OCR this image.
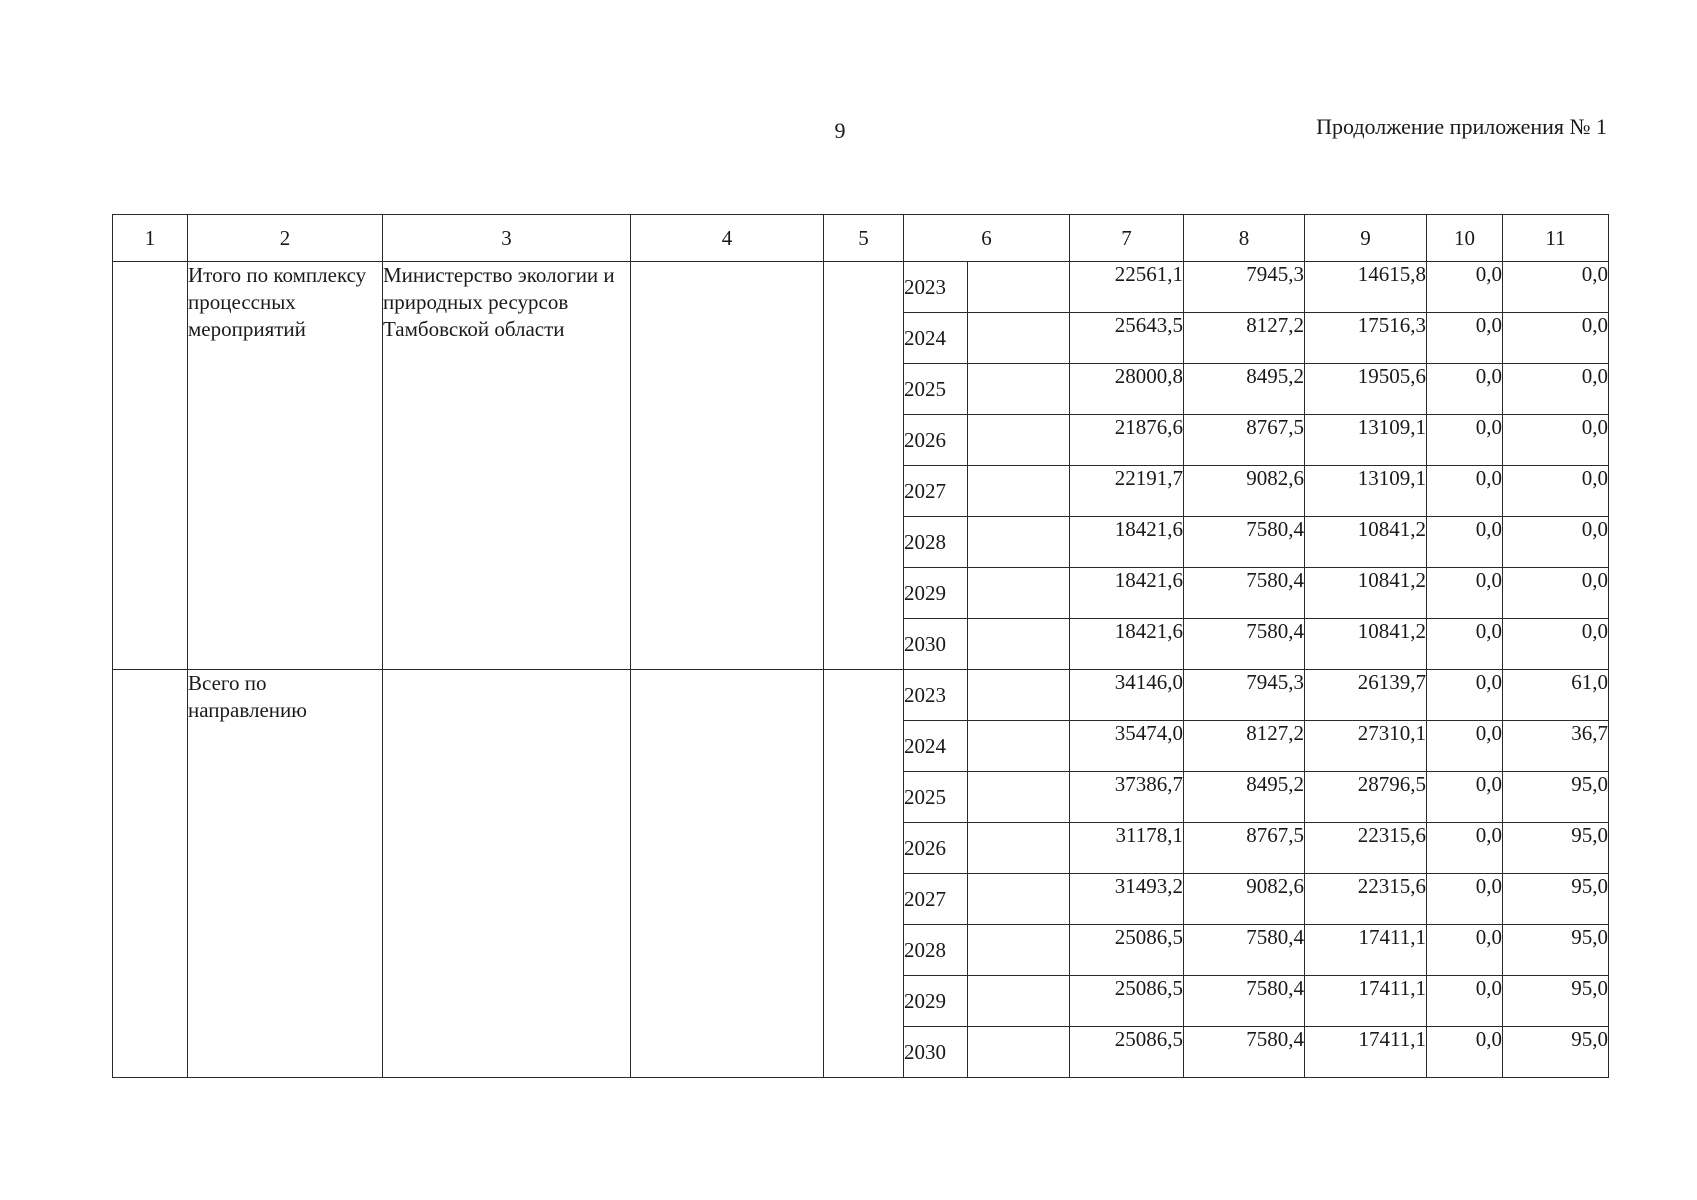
9	Продолжение приложения № 1
1	2	3	4	5	6		7	8	9	10	11
	Итого по комплексу процессных мероприятий	Министерство экологии и природных ресурсов Тамбовской области			2023		22561,1	7945,3	14615,8	0,0	0,0
					2024		25643,5	8127,2	17516,3	0,0	0,0
					2025		28000,8	8495,2	19505,6	0,0	0,0
					2026		21876,6	8767,5	13109,1	0,0	0,0
					2027		22191,7	9082,6	13109,1	0,0	0,0
					2028		18421,6	7580,4	10841,2	0,0	0,0
					2029		18421,6	7580,4	10841,2	0,0	0,0
					2030		18421,6	7580,4	10841,2	0,0	0,0
	Всего по направлению				2023		34146,0	7945,3	26139,7	0,0	61,0
					2024		35474,0	8127,2	27310,1	0,0	36,7
					2025		37386,7	8495,2	28796,5	0,0	95,0
					2026		31178,1	8767,5	22315,6	0,0	95,0
					2027		31493,2	9082,6	22315,6	0,0	95,0
					2028		25086,5	7580,4	17411,1	0,0	95,0
					2029		25086,5	7580,4	17411,1	0,0	95,0
					2030		25086,5	7580,4	17411,1	0,0	95,0
